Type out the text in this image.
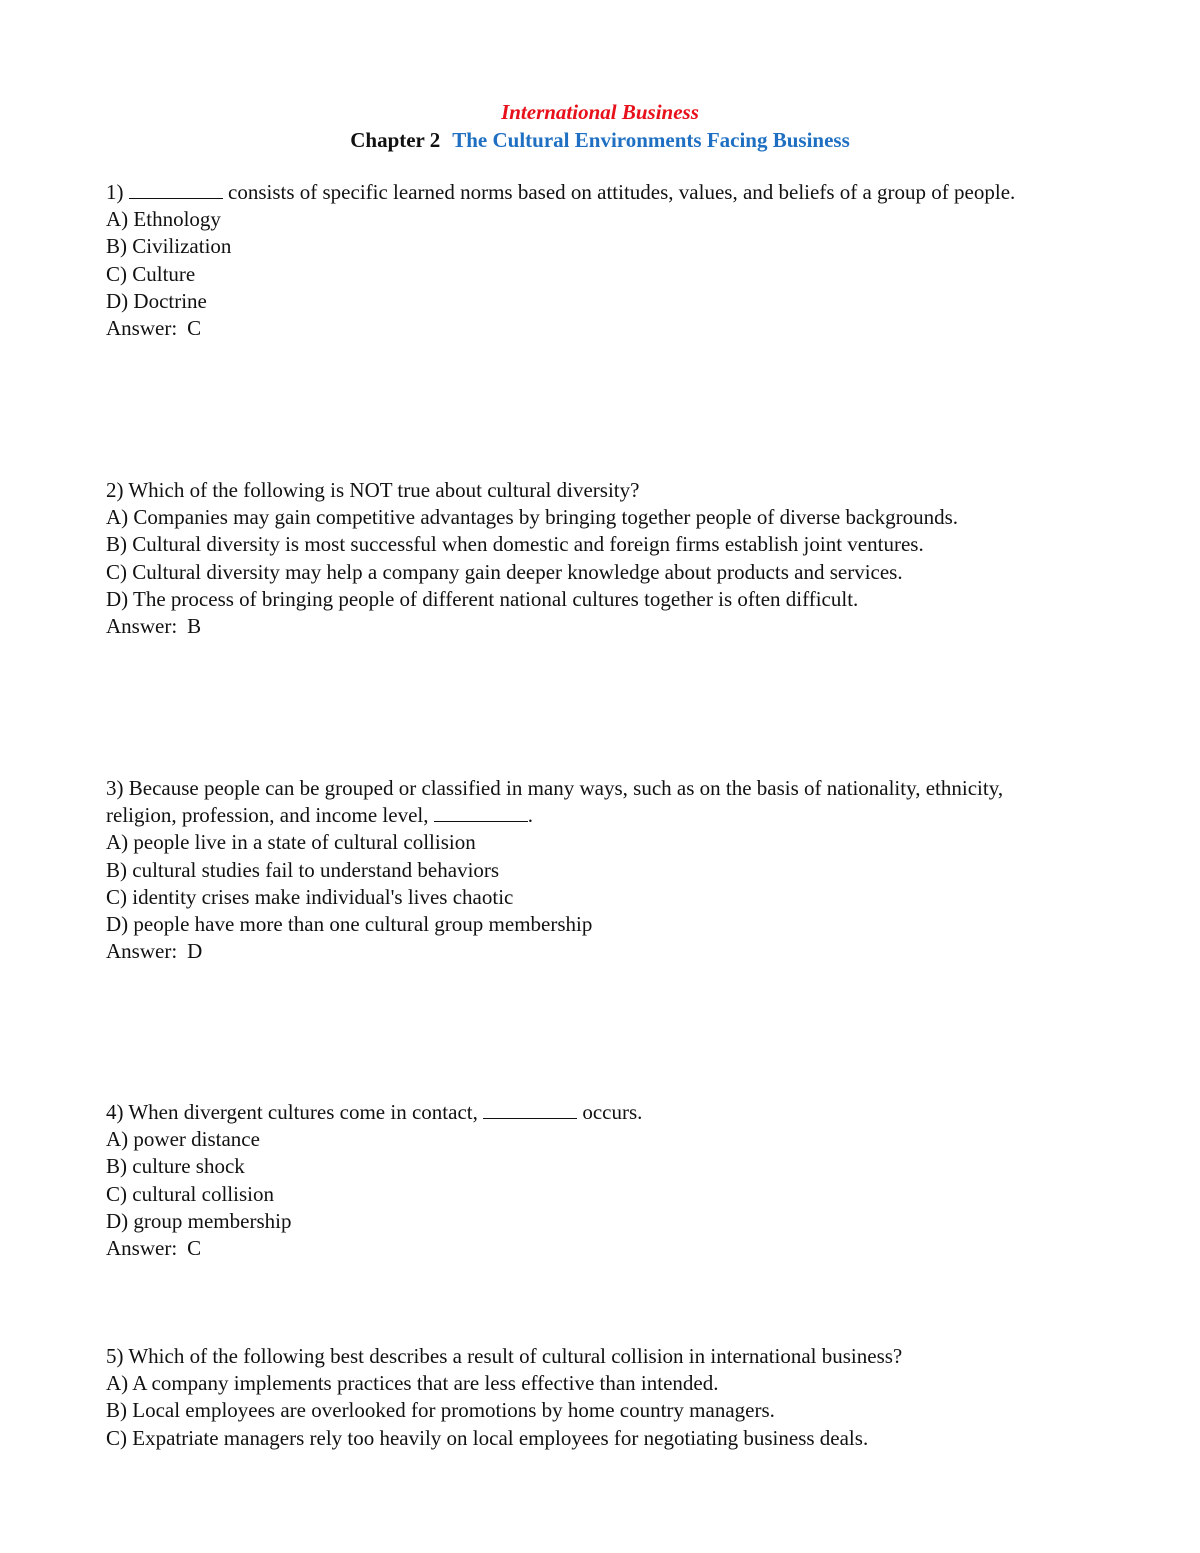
International Business
Chapter 2 The Cultural Environments Facing Business
1)	consists of specific learned norms based on attitudes, values, and beliefs of a group of people.
A) Ethnology
B) Civilization
C) Culture
D) Doctrine
Answer: C
2) Which of the following is NOT true about cultural diversity?
A) Companies may gain competitive advantages by bringing together people of diverse backgrounds.
B) Cultural diversity is most successful when domestic and foreign firms establish joint ventures.
C) Cultural diversity may help a company gain deeper knowledge about products and services.
D) The process of bringing people of different national cultures together is often difficult.
Answer: B
3) Because people can be grouped or classified in many ways, such as on the basis of nationality, ethnicity, religion, profession, and income level,	.
A) people live in a state of cultural collision
B) cultural studies fail to understand behaviors
C) identity crises make individual's lives chaotic
D) people have more than one cultural group membership
Answer: D
4) When divergent cultures come in contact,	occurs.
A) power distance
B) culture shock
C) cultural collision
D) group membership
Answer: C
5) Which of the following best describes a result of cultural collision in international business?
A) A company implements practices that are less effective than intended.
B) Local employees are overlooked for promotions by home country managers.
C) Expatriate managers rely too heavily on local employees for negotiating business deals.
